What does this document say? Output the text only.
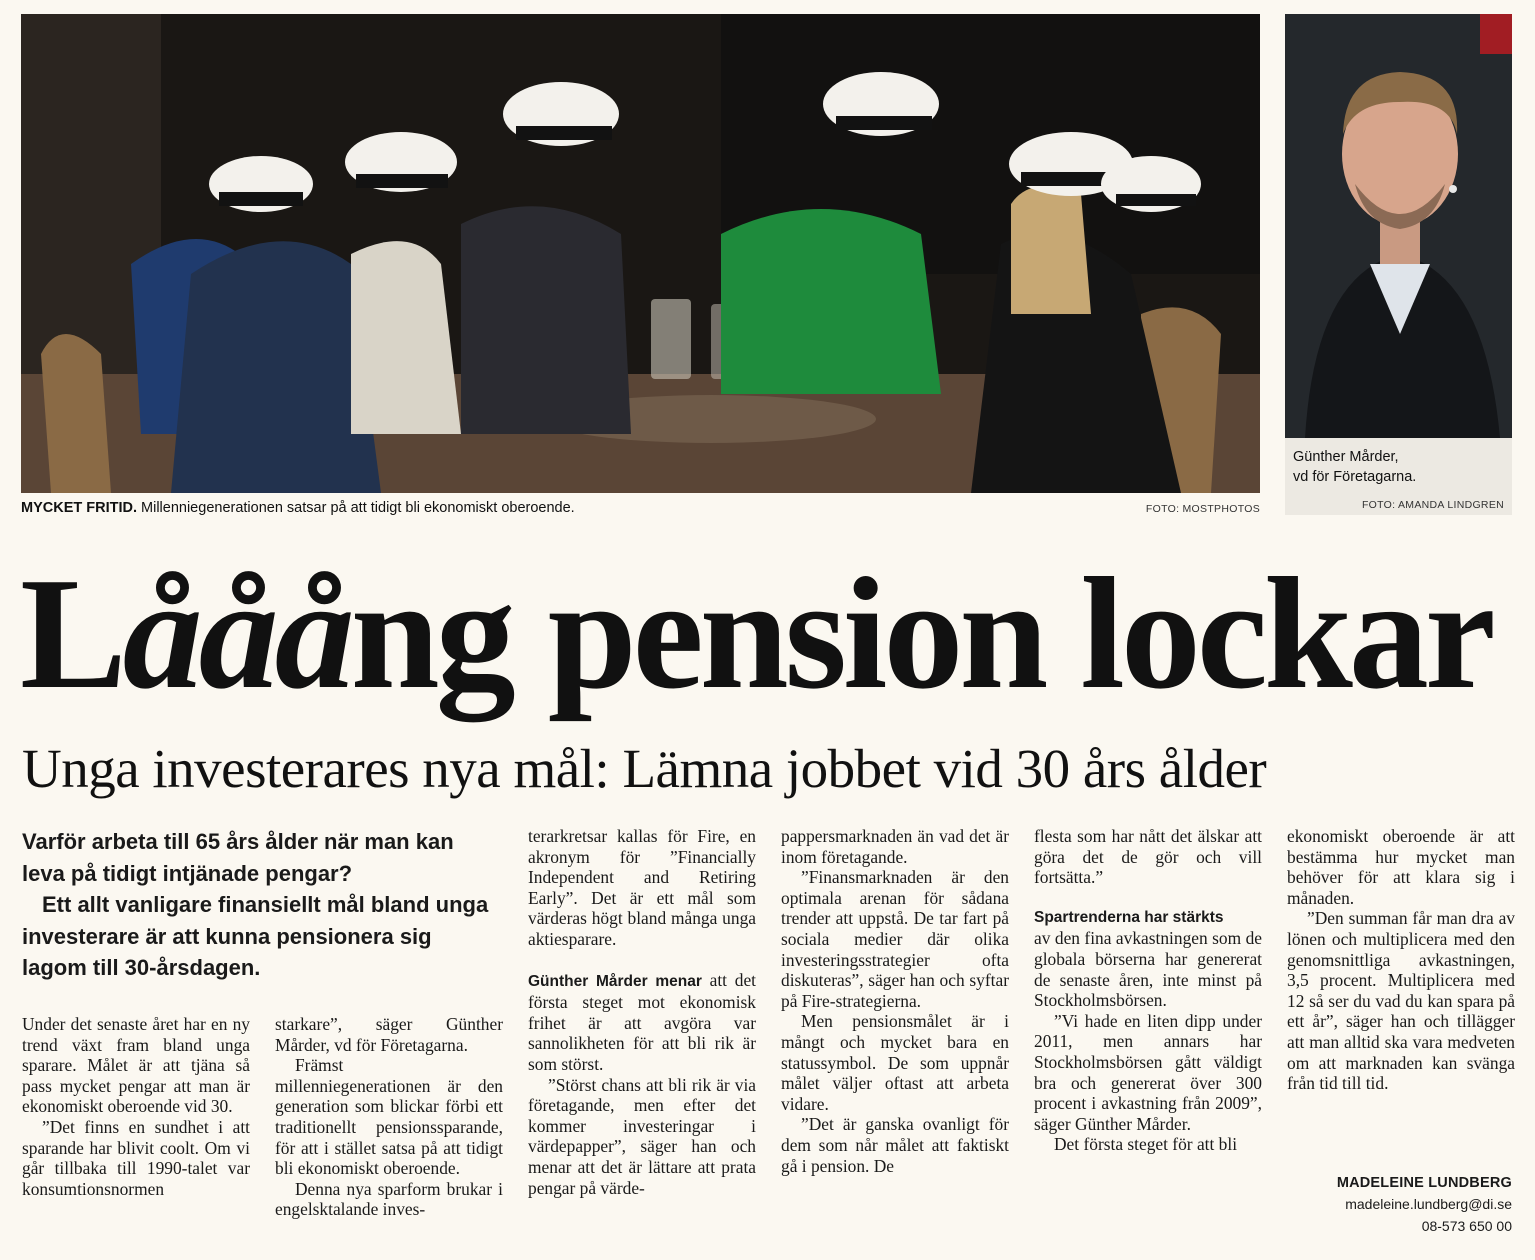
MYCKET FRITID. Millenniegenerationen satsar på att tidigt bli ekonomiskt oberoende.	FOTO: MOSTPHOTOS
Günther Mårder,
vd för Företagarna.
FOTO: AMANDA LINDGREN
Lååång pension lockar
Unga investerares nya mål: Lämna jobbet vid 30 års ålder

Varför arbeta till 65 års ålder när man kan leva på tidigt intjänade pengar?

Ett allt vanligare finansiellt mål bland unga investerare är att kunna pensionera sig lagom till 30-årsdagen.

Under det senaste året har en ny trend växt fram bland unga sparare. Målet är att tjäna så pass mycket pengar att man är ekonomiskt oberoende vid 30.

”Det finns en sundhet i att sparande har blivit coolt. Om vi går tillbaka till 1990-talet var konsumtionsnormen

starkare”, säger Günther Mårder, vd för Företagarna.

Främst millenniegenerationen är den generation som blickar förbi ett traditionellt pensionssparande, för att i stället satsa på att tidigt bli ekonomiskt oberoende.

Denna nya sparform brukar i engelsktalande inves-

terarkretsar kallas för Fire, en akronym för ”Financially Independent and Retiring Early”. Det är ett mål som värderas högt bland många unga aktiesparare.

Günther Mårder menar att det första steget mot ekonomisk frihet är att avgöra var sannolikheten för att bli rik är som störst.

”Störst chans att bli rik är via företagande, men efter det kommer investeringar i värdepapper”, säger han och menar att det är lättare att prata pengar på värde-

pappersmarknaden än vad det är inom företagande.

”Finansmarknaden är den optimala arenan för sådana trender att uppstå. De tar fart på sociala medier där olika investeringsstrategier ofta diskuteras”, säger han och syftar på Fire-strategierna.

Men pensionsmålet är i mångt och mycket bara en statussymbol. De som uppnår målet väljer oftast att arbeta vidare.

”Det är ganska ovanligt för dem som når målet att faktiskt gå i pension. De

flesta som har nått det älskar att göra det de gör och vill fortsätta.”

Spartrenderna har stärkts
av den fina avkastningen som de globala börserna har genererat de senaste åren, inte minst på Stockholmsbörsen.

”Vi hade en liten dipp under 2011, men annars har Stockholmsbörsen gått väldigt bra och genererat över 300 procent i avkastning från 2009”, säger Günther Mårder.

Det första steget för att bli

ekonomiskt oberoende är att bestämma hur mycket man behöver för att klara sig i månaden.

”Den summan får man dra av lönen och multiplicera med den genomsnittliga avkastningen, 3,5 procent. Multiplicera med 12 så ser du vad du kan spara på ett år”, säger han och tillägger att man alltid ska vara medveten om att marknaden kan svänga från tid till tid.

MADELEINE LUNDBERG
madeleine.lundberg@di.se
08-573 650 00
